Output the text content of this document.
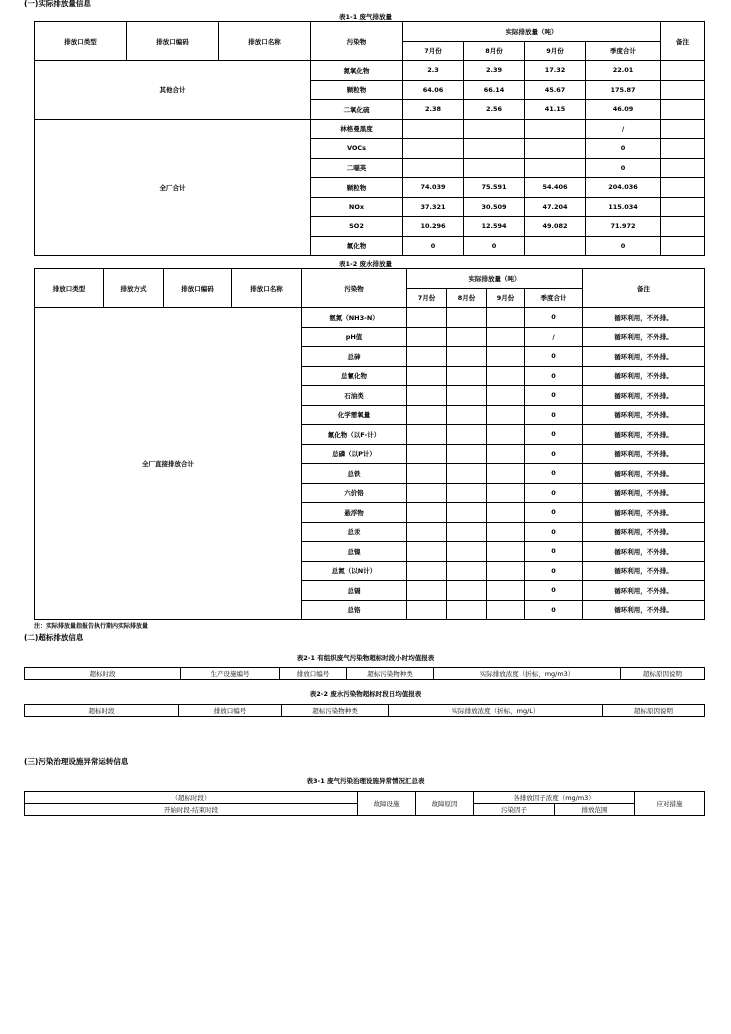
(一)实际排放量信息
表1-1 废气排放量
排放口类型	排放口编码	排放口名称	污染物	实际排放量（吨）				备注
				7月份	8月份	9月份	季度合计	
其他合计			氮氧化物	2.3	2.39	17.32	22.01	
			颗粒物	64.06	66.14	45.67	175.87	
			二氧化硫	2.38	2.56	41.15	46.09	
全厂合计			林格曼黑度				/	
			VOCs				0	
			二噁英				0	
			颗粒物	74.039	75.591	54.406	204.036	
			NOx	37.321	30.509	47.204	115.034	
			SO2	10.296	12.594	49.082	71.972	
			氟化物	0	0		0	
表1-2 废水排放量
排放口类型	排放方式	排放口编码	排放口名称	污染物	实际排放量（吨）				备注
					7月份	8月份	9月份	季度合计	
全厂直接排放合计				氨氮（NH3-N）				0	循环利用，不外排。
				pH值				/	循环利用，不外排。
				总砷				0	循环利用，不外排。
				总氰化物				0	循环利用，不外排。
				石油类				0	循环利用，不外排。
				化学需氧量				0	循环利用，不外排。
				氟化物（以F-计）				0	循环利用，不外排。
				总磷（以P计）				0	循环利用，不外排。
				总铁				0	循环利用，不外排。
				六价铬				0	循环利用，不外排。
				悬浮物				0	循环利用，不外排。
				总汞				0	循环利用，不外排。
				总镍				0	循环利用，不外排。
				总氮（以N计）				0	循环利用，不外排。
				总镉				0	循环利用，不外排。
				总铬				0	循环利用，不外排。
注：实际排放量指报告执行期内实际排放量
(二)超标排放信息
表2-1 有组织废气污染物超标时段小时均值报表
超标时段	生产设施编号	排放口编号	超标污染物种类	实际排放浓度（折标，mg/m3）	超标原因说明
表2-2 废水污染物超标时段日均值报表
超标时段	排放口编号	超标污染物种类	实际排放浓度（折标，mg/L）	超标原因说明
(三)污染治理设施异常运转信息
表3-1 废气污染治理设施异常情况汇总表
（超标时段）	故障设施	故障原因	各排放因子浓度（mg/m3）		应对措施
开始时段-结束时段			污染因子	排放范围	
